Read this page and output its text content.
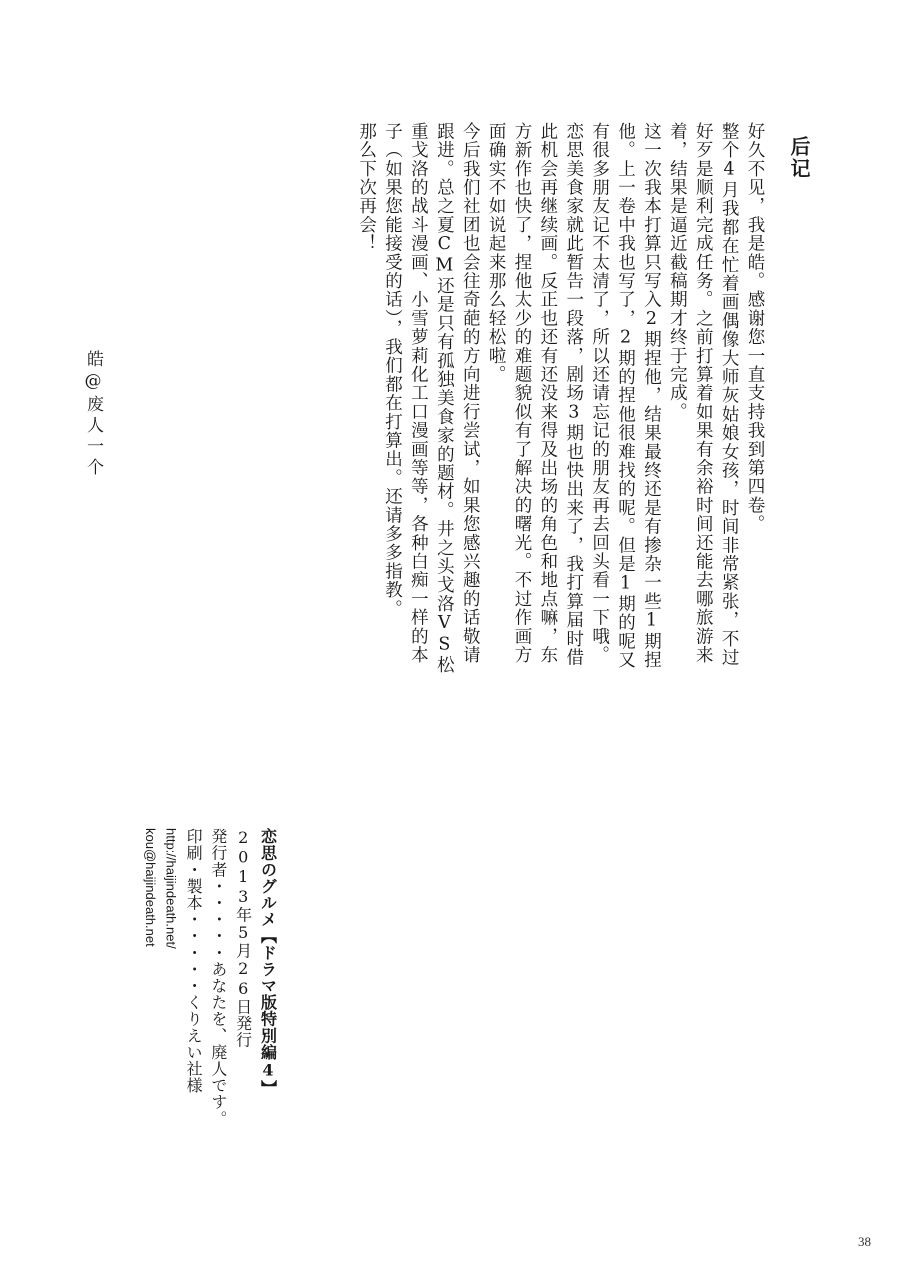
后记

好久不见，我是皓。感谢您一直支持我到第四卷。

整个4月我都在忙着画偶像大师灰姑娘女孩，时间非常紧张，不过好歹是顺利完成任务。之前打算着如果有余裕时间还能去哪旅游来着，结果是逼近截稿期才终于完成。

这一次我本打算只写入2期捏他，结果最终还是有掺杂一些1期捏他。上一卷中我也写了，2期的捏他很难找的呢。但是1期的呢又有很多朋友记不太清了，所以还请忘记的朋友再去回头看一下哦。

恋思美食家就此暂告一段落，剧场3期也快出来了，我打算届时借此机会再继续画。反正也还有还没来得及出场的角色和地点嘛，东方新作也快了，捏他太少的难题貌似有了解决的曙光。不过作画方面确实不如说起来那么轻松啦。

今后我们社团也会往奇葩的方向进行尝试，如果您感兴趣的话敬请跟进。总之夏CM还是只有孤独美食家的题材。井之头戈洛VS松重戈洛的战斗漫画、小雪萝莉化工口漫画等等，各种白痴一样的本子（如果您能接受的话），我们都在打算出。还请多多指教。

那么下次再会！

皓@废人一个
恋思のグルメ【ドラマ版特別編4】
2013年5月26日発行
発行者・・・・・あなたを、廃人です。
印刷・製本・・・・・くりえい社様
http://haijindeath.net/
kou@haijindeath.net
38
